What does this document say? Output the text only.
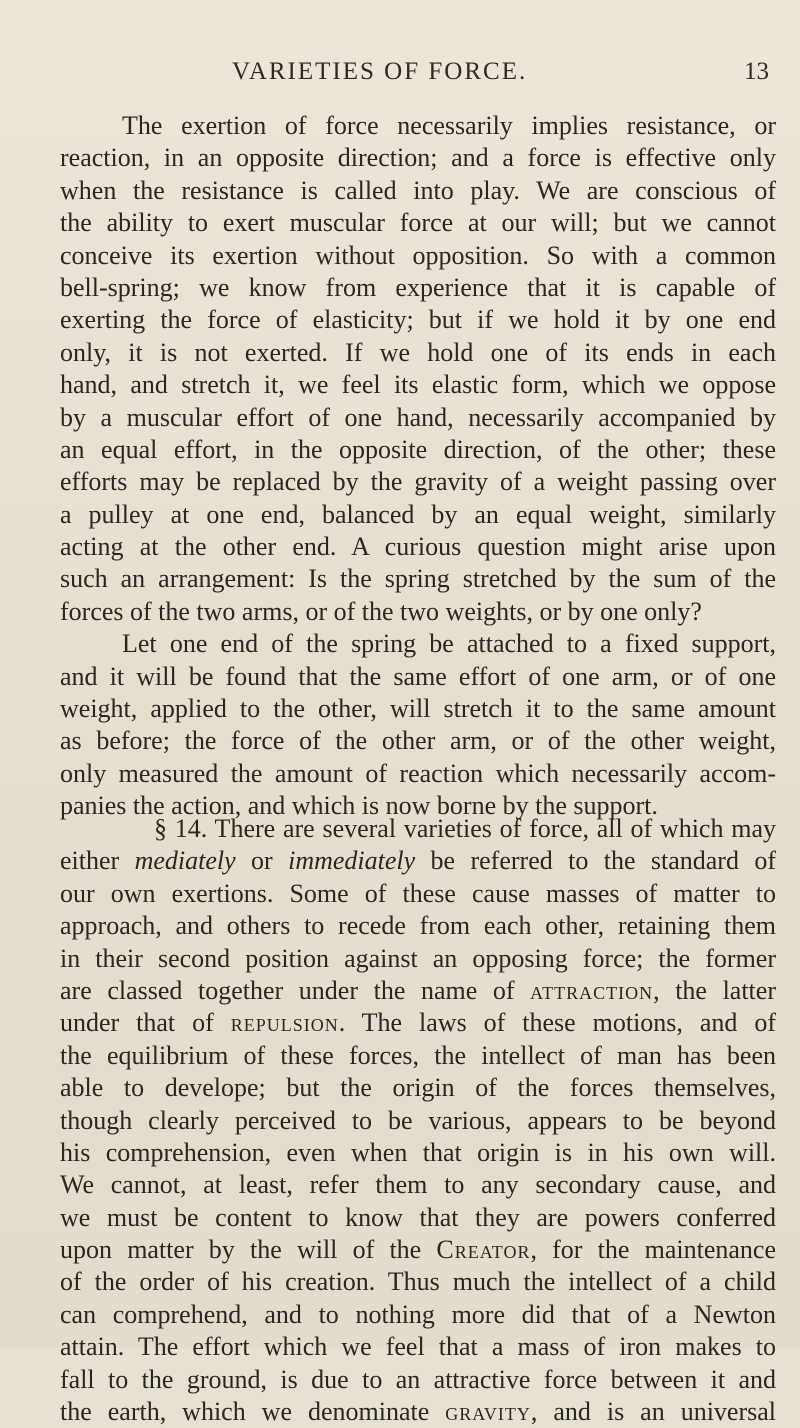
VARIETIES OF FORCE.	13
The exertion of force necessarily implies resistance, or
reaction, in an opposite direction; and a force is effective only
when the resistance is called into play. We are conscious of
the ability to exert muscular force at our will; but we cannot
conceive its exertion without opposition. So with a common
bell-spring; we know from experience that it is capable of
exerting the force of elasticity; but if we hold it by one end
only, it is not exerted. If we hold one of its ends in each
hand, and stretch it, we feel its elastic form, which we oppose
by a muscular effort of one hand, necessarily accompanied by
an equal effort, in the opposite direction, of the other; these
efforts may be replaced by the gravity of a weight passing over
a pulley at one end, balanced by an equal weight, similarly
acting at the other end. A curious question might arise upon
such an arrangement: Is the spring stretched by the sum of the
forces of the two arms, or of the two weights, or by one only?
Let one end of the spring be attached to a fixed support,
and it will be found that the same effort of one arm, or of one
weight, applied to the other, will stretch it to the same amount
as before; the force of the other arm, or of the other weight,
only measured the amount of reaction which necessarily accom-
panies the action, and which is now borne by the support.
§ 14. There are several varieties of force, all of which may
either mediately or immediately be referred to the standard of
our own exertions. Some of these cause masses of matter to
approach, and others to recede from each other, retaining them
in their second position against an opposing force; the former
are classed together under the name of attraction, the latter
under that of repulsion. The laws of these motions, and of
the equilibrium of these forces, the intellect of man has been
able to develope; but the origin of the forces themselves,
though clearly perceived to be various, appears to be beyond
his comprehension, even when that origin is in his own will.
We cannot, at least, refer them to any secondary cause, and
we must be content to know that they are powers conferred
upon matter by the will of the Creator, for the maintenance
of the order of his creation. Thus much the intellect of a child
can comprehend, and to nothing more did that of a Newton
attain. The effort which we feel that a mass of iron makes to
fall to the ground, is due to an attractive force between it and
the earth, which we denominate gravity, and is an universal
